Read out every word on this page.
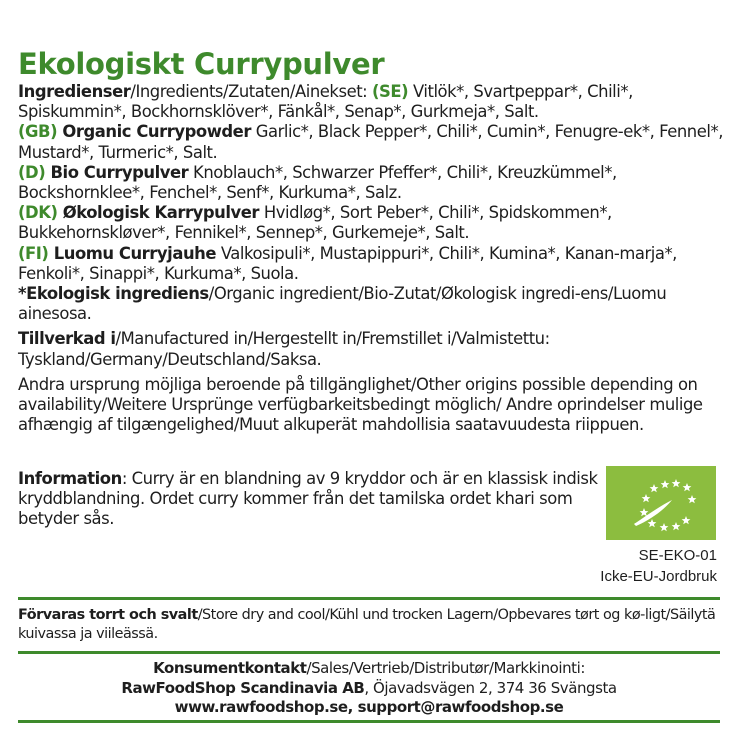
Ekologiskt Currypulver

Ingredienser/Ingredients/Zutaten/Ainekset: (SE) Vitlök*, Svartpeppar*, Chili*, Spiskummin*, Bockhornsklöver*, Fänkål*, Senap*, Gurkmeja*, Salt.

(GB) Organic Currypowder Garlic*, Black Pepper*, Chili*, Cumin*, Fenugre-ek*, Fennel*, Mustard*, Turmeric*, Salt.

(D) Bio Currypulver Knoblauch*, Schwarzer Pfeffer*, Chili*, Kreuzkümmel*, Bockshornklee*, Fenchel*, Senf*, Kurkuma*, Salz.

(DK) Økologisk Karrypulver Hvidløg*, Sort Peber*, Chili*, Spidskommen*, Bukkehornskløver*, Fennikel*, Sennep*, Gurkemeje*, Salt.

(FI) Luomu Curryjauhe Valkosipuli*, Mustapippuri*, Chili*, Kumina*, Kanan-marja*, Fenkoli*, Sinappi*, Kurkuma*, Suola.

*Ekologisk ingrediens/Organic ingredient/Bio-Zutat/Økologisk ingredi-ens/Luomu ainesosa.

Tillverkad i/Manufactured in/Hergestellt in/Fremstillet i/Valmistettu: Tyskland/Germany/Deutschland/Saksa.

Andra ursprung möjliga beroende på tillgänglighet/Other origins possible depending on availability/Weitere Ursprünge verfügbarkeitsbedingt möglich/ Andre oprindelser mulige afhængig af tilgængelighed/Muut alkuperät mahdollisia saatavuudesta riippuen.

Information: Curry är en blandning av 9 kryddor och är en klassisk indisk kryddblandning. Ordet curry kommer från det tamilska ordet khari som betyder sås.

SE-EKO-01
Icke-EU-Jordbruk

Förvaras torrt och svalt/Store dry and cool/Kühl und trocken Lagern/Opbevares tørt og kø-ligt/Säilytä kuivassa ja viileässä.

Konsumentkontakt/Sales/Vertrieb/Distributør/Markkinointi:

RawFoodShop Scandinavia AB, Öjavadsvägen 2, 374 36 Svängsta

www.rawfoodshop.se, support@rawfoodshop.se
